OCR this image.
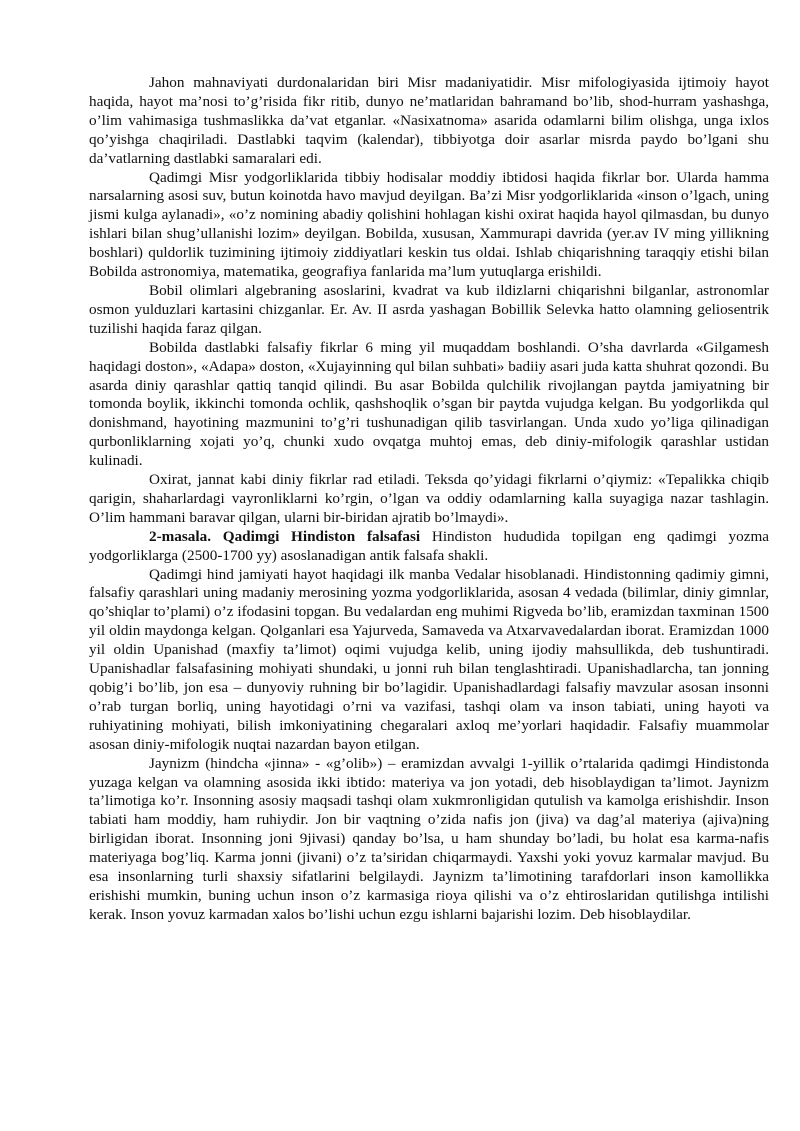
Jahon mahnaviyati durdonalaridan biri Misr madaniyatidir. Misr mifologiyasida ijtimoiy hayot haqida, hayot ma’nosi to’g’risida fikr ritib, dunyo ne’matlaridan bahramand bo’lib, shod-hurram yashashga, o’lim vahimasiga tushmaslikka da’vat etganlar. «Nasixatnoma» asarida odamlarni bilim olishga, unga ixlos qo’yishga chaqiriladi. Dastlabki taqvim (kalendar), tibbiyotga doir asarlar misrda paydo bo’lgani shu da’vatlarning dastlabki samaralari edi.

Qadimgi Misr yodgorliklarida tibbiy hodisalar moddiy ibtidosi haqida fikrlar bor. Ularda hamma narsalarning asosi suv, butun koinotda havo mavjud deyilgan. Ba’zi Misr yodgorliklarida «inson o’lgach, uning jismi kulga aylanadi», «o’z nomining abadiy qolishini hohlagan kishi oxirat haqida hayol qilmasdan, bu dunyo ishlari bilan shug’ullanishi lozim» deyilgan. Bobilda, xususan, Xammurapi davrida (yer.av IV ming yillikning boshlari) quldorlik tuzimining ijtimoiy ziddiyatlari keskin tus oldai. Ishlab chiqarishning taraqqiy etishi bilan Bobilda astronomiya, matematika, geografiya fanlarida ma’lum yutuqlarga erishildi.

Bobil olimlari algebraning asoslarini, kvadrat va kub ildizlarni chiqarishni bilganlar, astronomlar osmon yulduzlari kartasini chizganlar. Er. Av. II asrda yashagan Bobillik Selevka hatto olamning geliosentrik tuzilishi haqida faraz qilgan.

Bobilda dastlabki falsafiy fikrlar 6 ming yil muqaddam boshlandi. O’sha davrlarda «Gilgamesh haqidagi doston», «Adapa» doston, «Xujayinning qul bilan suhbati» badiiy asari juda katta shuhrat qozondi. Bu asarda diniy qarashlar qattiq tanqid qilindi. Bu asar Bobilda qulchilik rivojlangan paytda jamiyatning bir tomonda boylik, ikkinchi tomonda ochlik, qashshoqlik o’sgan bir paytda vujudga kelgan. Bu yodgorlikda qul donishmand, hayotining mazmunini to’g’ri tushunadigan qilib tasvirlangan. Unda xudo yo’liga qilinadigan qurbonliklarning xojati yo’q, chunki xudo ovqatga muhtoj emas, deb diniy-mifologik qarashlar ustidan kulinadi.

Oxirat, jannat kabi diniy fikrlar rad etiladi. Teksda qo’yidagi fikrlarni o’qiymiz: «Tepalikka chiqib qarigin, shaharlardagi vayronliklarni ko’rgin, o’lgan va oddiy odamlarning kalla suyagiga nazar tashlagin. O’lim hammani baravar qilgan, ularni bir-biridan ajratib bo’lmaydi».

2-masala. Qadimgi Hindiston falsafasi Hindiston hududida topilgan eng qadimgi yozma yodgorliklarga (2500-1700 yy) asoslanadigan antik falsafa shakli.

Qadimgi hind jamiyati hayot haqidagi ilk manba Vedalar hisoblanadi. Hindistonning qadimiy gimni, falsafiy qarashlari uning madaniy merosining yozma yodgorliklarida, asosan 4 vedada (bilimlar, diniy gimnlar, qo’shiqlar to’plami) o’z ifodasini topgan. Bu vedalardan eng muhimi Rigveda bo’lib, eramizdan taxminan 1500 yil oldin maydonga kelgan. Qolganlari esa Yajurveda, Samaveda va Atxarvavedalardan iborat. Eramizdan 1000 yil oldin Upanishad (maxfiy ta’limot) oqimi vujudga kelib, uning ijodiy mahsullikda, deb tushuntiradi. Upanishadlar falsafasining mohiyati shundaki, u jonni ruh bilan tenglashtiradi. Upanishadlarcha, tan jonning qobig’i bo’lib, jon esa – dunyoviy ruhning bir bo’lagidir. Upanishadlardagi falsafiy mavzular asosan insonni o’rab turgan borliq, uning hayotidagi o’rni va vazifasi, tashqi olam va inson tabiati, uning hayoti va ruhiyatining mohiyati, bilish imkoniyatining chegaralari axloq me’yorlari haqidadir. Falsafiy muammolar asosan diniy-mifologik nuqtai nazardan bayon etilgan.

Jaynizm (hindcha «jinna» - «g’olib») – eramizdan avvalgi 1-yillik o’rtalarida qadimgi Hindistonda yuzaga kelgan va olamning asosida ikki ibtido: materiya va jon yotadi, deb hisoblaydigan ta’limot. Jaynizm ta’limotiga ko’r. Insonning asosiy maqsadi tashqi olam xukmronligidan qutulish va kamolga erishishdir. Inson tabiati ham moddiy, ham ruhiydir. Jon bir vaqtning o’zida nafis jon (jiva) va dag’al materiya (ajiva)ning birligidan iborat. Insonning joni 9jivasi) qanday bo’lsa, u ham shunday bo’ladi, bu holat esa karma-nafis materiyaga bog’liq. Karma jonni (jivani) o’z ta’siridan chiqarmaydi. Yaxshi yoki yovuz karmalar mavjud. Bu esa insonlarning turli shaxsiy sifatlarini belgilaydi. Jaynizm ta’limotining tarafdorlari inson kamollikka erishishi mumkin, buning uchun inson o’z karmasiga rioya qilishi va o’z ehtiroslaridan qutilishga intilishi kerak. Inson yovuz karmadan xalos bo’lishi uchun ezgu ishlarni bajarishi lozim. Deb hisoblaydilar.
